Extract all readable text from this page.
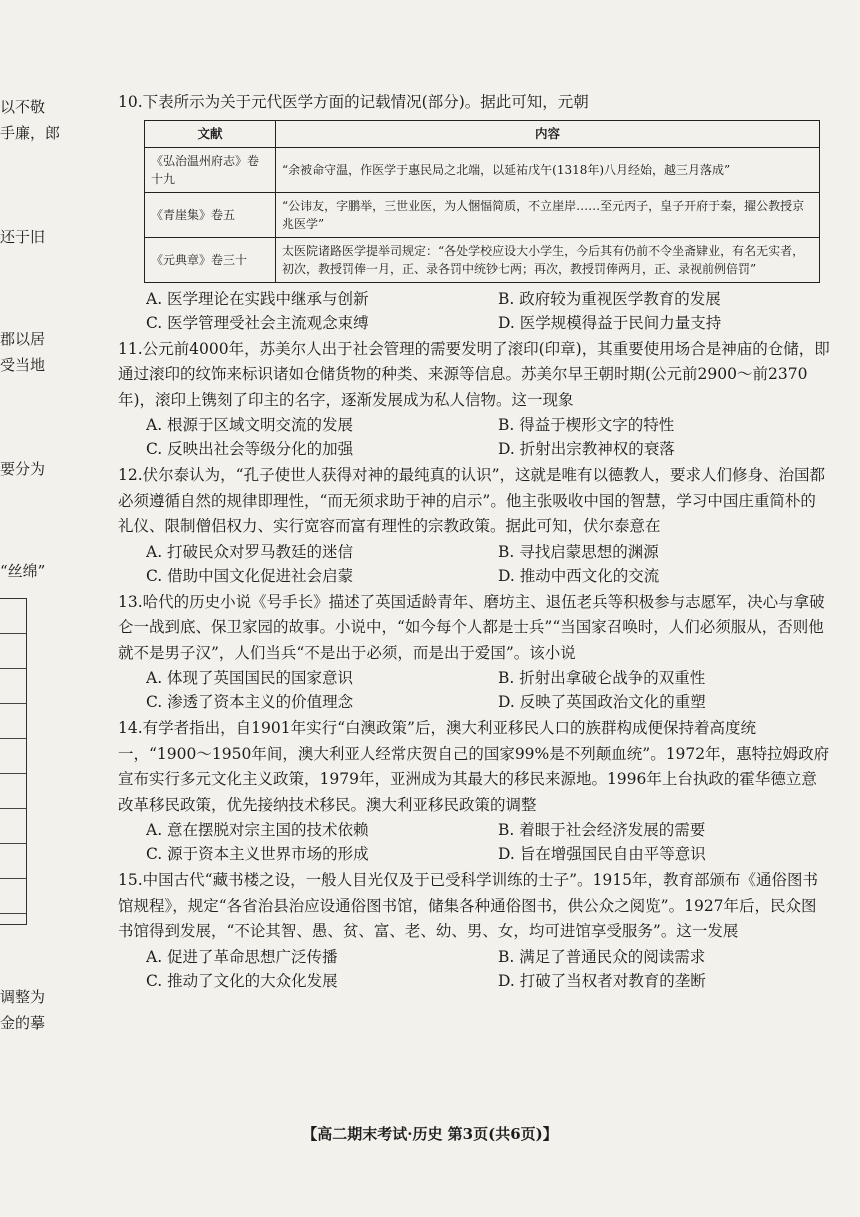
以不敬
手廉，郎
还于旧
郡以居
受当地
要分为
“丝绵”
调整为
金的摹

10.下表所示为关于元代医学方面的记载情况(部分)。据此可知，元朝

文献	内容
《弘治温州府志》卷十九	“余被命守温，作医学于惠民局之北端，以延祐戊午(1318年)八月经始，越三月落成”
《青崖集》卷五	“公讳友，字鹏举，三世业医，为人悃愊简质，不立崖岸……至元丙子，皇子开府于秦，擢公教授京兆医学”
《元典章》卷三十	太医院诸路医学提举司规定：“各处学校应设大小学生，今后其有仍前不令坐斋肄业，有名无实者，初次，教授罚俸一月，正、录各罚中统钞七两；再次，教授罚俸两月，正、录视前例倍罚”
A. 医学理论在实践中继承与创新	B. 政府较为重视医学教育的发展
C. 医学管理受社会主流观念束缚	D. 医学规模得益于民间力量支持

11.公元前4000年，苏美尔人出于社会管理的需要发明了滚印(印章)，其重要使用场合是神庙的仓储，即通过滚印的纹饰来标识诸如仓储货物的种类、来源等信息。苏美尔早王朝时期(公元前2900～前2370年)，滚印上镌刻了印主的名字，逐渐发展成为私人信物。这一现象

A. 根源于区域文明交流的发展	B. 得益于楔形文字的特性
C. 反映出社会等级分化的加强	D. 折射出宗教神权的衰落

12.伏尔泰认为，“孔子使世人获得对神的最纯真的认识”，这就是唯有以德教人，要求人们修身、治国都必须遵循自然的规律即理性，“而无须求助于神的启示”。他主张吸收中国的智慧，学习中国庄重简朴的礼仪、限制僧侣权力、实行宽容而富有理性的宗教政策。据此可知，伏尔泰意在

A. 打破民众对罗马教廷的迷信	B. 寻找启蒙思想的渊源
C. 借助中国文化促进社会启蒙	D. 推动中西文化的交流

13.哈代的历史小说《号手长》描述了英国适龄青年、磨坊主、退伍老兵等积极参与志愿军，决心与拿破仑一战到底、保卫家园的故事。小说中，“如今每个人都是士兵”“当国家召唤时，人们必须服从，否则他就不是男子汉”，人们当兵“不是出于必须，而是出于爱国”。该小说

A. 体现了英国国民的国家意识	B. 折射出拿破仑战争的双重性
C. 渗透了资本主义的价值理念	D. 反映了英国政治文化的重塑

14.有学者指出，自1901年实行“白澳政策”后，澳大利亚移民人口的族群构成便保持着高度统一，“1900～1950年间，澳大利亚人经常庆贺自己的国家99%是不列颠血统”。1972年，惠特拉姆政府宣布实行多元文化主义政策，1979年，亚洲成为其最大的移民来源地。1996年上台执政的霍华德立意改革移民政策，优先接纳技术移民。澳大利亚移民政策的调整

A. 意在摆脱对宗主国的技术依赖	B. 着眼于社会经济发展的需要
C. 源于资本主义世界市场的形成	D. 旨在增强国民自由平等意识

15.中国古代“藏书楼之设，一般人目光仅及于已受科学训练的士子”。1915年，教育部颁布《通俗图书馆规程》，规定“各省治县治应设通俗图书馆，储集各种通俗图书，供公众之阅览”。1927年后，民众图书馆得到发展，“不论其智、愚、贫、富、老、幼、男、女，均可进馆享受服务”。这一发展

A. 促进了革命思想广泛传播	B. 满足了普通民众的阅读需求
C. 推动了文化的大众化发展	D. 打破了当权者对教育的垄断
【高二期末考试·历史 第3页(共6页)】
